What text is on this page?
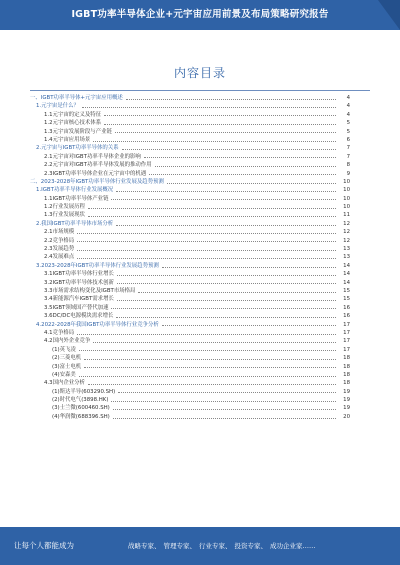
IGBT功率半导体企业+元宇宙应用前景及布局策略研究报告
内容目录
一、IGBT功率半导体+元宇宙应用概述	4
1.元宇宙是什么？	4
1.1元宇宙的定义及特征	4
1.2元宇宙核心技术体系	5
1.3元宇宙发展阶段与产业链	5
1.4元宇宙应用场景	6
2.元宇宙与IGBT功率半导体的关系	7
2.1元宇宙对IGBT功率半导体企业的影响	7
2.2元宇宙对IGBT功率半导体发展的推动作用	8
2.3IGBT功率半导体企业在元宇宙中的机遇	9
二、2023-2028年IGBT功率半导体行业发展及趋势预测	10
1.IGBT功率半导体行业发展概况	10
1.1IGBT功率半导体产业链	10
1.2行业发展历程	10
1.3行业发展现状	11
2.我国IGBT功率半导体市场分析	12
2.1市场规模	12
2.2竞争格局	12
2.3发展趋势	13
2.4发展难点	13
3.2023-2028年IGBT功率半导体行业发展趋势预测	14
3.1IGBT功率半导体行业增长	14
3.2IGBT功率半导体技术创新	14
3.3市场需求结构变化及IGBT市场格局	15
3.4新能源汽车IGBT需求增长	15
3.5IGBT领域国产替代加速	16
3.6DC/DC电源模块需求增长	16
4.2022-2028年我国IGBT功率半导体行业竞争分析	17
4.1竞争格局	17
4.2国内外企业竞争	17
(1)英飞凌	17
(2)三菱电机	18
(3)富士电机	18
(4)安森美	18
4.3国内企业分析	18
(1)斯达半导(603290.SH)	19
(2)时代电气(3898.HK)	19
(3)士兰微(600460.SH)	19
(4)华润微(688396.SH)	20
让每个人都能成为	战略专家、 管理专家、 行业专家、 投资专家、 成功企业家……
